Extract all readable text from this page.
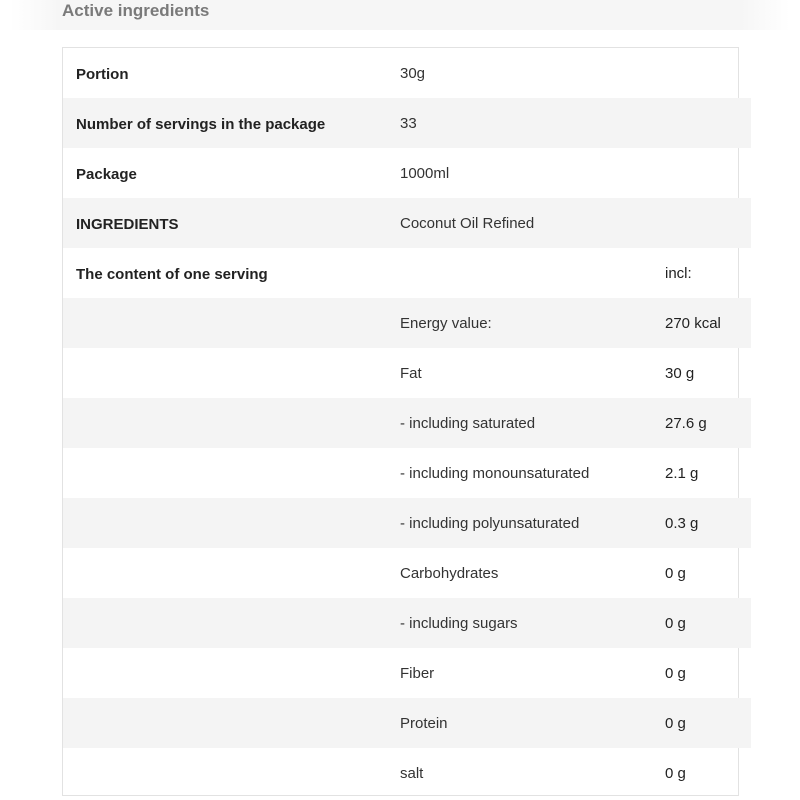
Active ingredients
Portion	30g	
Number of servings in the package	33	
Package	1000ml	
INGREDIENTS	Coconut Oil Refined	
The content of one serving		incl:
	Energy value:	270 kcal
	Fat	30 g
	- including saturated	27.6 g
	- including monounsaturated	2.1 g
	- including polyunsaturated	0.3 g
	Carbohydrates	0 g
	- including sugars	0 g
	Fiber	0 g
	Protein	0 g
	salt	0 g
